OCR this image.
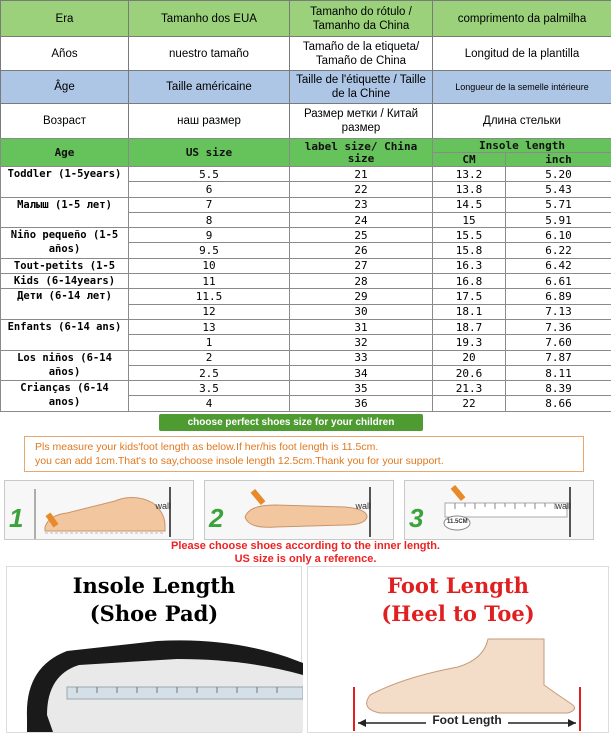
Era	Tamanho dos EUA	Tamanho do rótulo / Tamanho da China	comprimento da palmilha
Años	nuestro tamaño	Tamaño de la etiqueta/ Tamaño de China	Longitud de la plantilla
Âge	Taille américaine	Taille de l'étiquette / Taille de la Chine	Longueur de la semelle intérieure
Возраст	наш размер	Размер метки / Китай размер	Длина стельки
Age	US size	label size/ China size	Insole length	
			CM	inch
Toddler (1-5years)	5.5	21	13.2	5.20
	6	22	13.8	5.43
Малыш (1-5 лет)	7	23	14.5	5.71
	8	24	15	5.91
Niño pequeño (1-5 años)	9	25	15.5	6.10
	9.5	26	15.8	6.22
Tout-petits (1-5	10	27	16.3	6.42
Kids (6-14years)	11	28	16.8	6.61
Дети (6-14 лет)	11.5	29	17.5	6.89
	12	30	18.1	7.13
Enfants (6-14 ans)	13	31	18.7	7.36
	1	32	19.3	7.60
Los niños (6-14 años)	2	33	20	7.87
	2.5	34	20.6	8.11
Crianças (6-14 anos)	3.5	35	21.3	8.39
	4	36	22	8.66
choose perfect shoes size for your children
Pls measure your kids'foot length as below.If her/his foot length is 11.5cm.
you can add 1cm.That's to say,choose insole length 12.5cm.Thank you for your support.
1	wall 2	wall 3	wall
11.5CM
Please choose shoes according to the inner length.
US size is only a reference.
Insole Length
(Shoe Pad)
Foot Length
(Heel to Toe)
Foot Length
